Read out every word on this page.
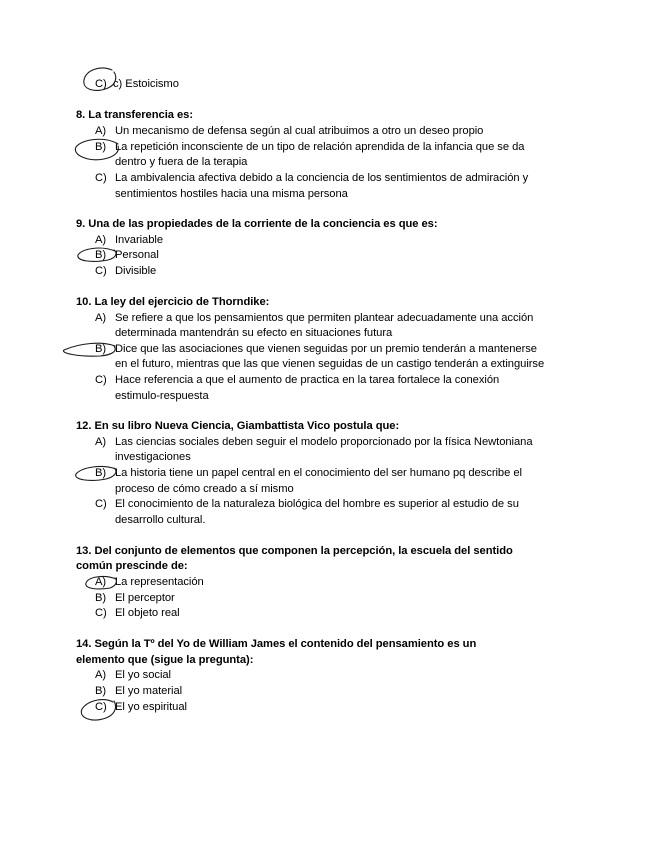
C) c) Estoicismo
8. La transferencia es:
A) Un mecanismo de defensa según al cual atribuimos a otro un deseo propio
B) La repetición inconsciente de un tipo de relación aprendida de la infancia que se da
dentro y fuera de la terapia
C) La ambivalencia afectiva debido a la conciencia de los sentimientos de admiración y
sentimientos hostiles hacia una misma persona
9. Una de las propiedades de la corriente de la conciencia es que es:
A) Invariable
B) Personal
C) Divisible
10. La ley del ejercicio de Thorndike:
A) Se refiere a que los pensamientos que permiten plantear adecuadamente una acción
determinada mantendrán su efecto en situaciones futura
B) Dice que las asociaciones que vienen seguidas por un premio tenderán a mantenerse
en el futuro, mientras que las que vienen seguidas de un castigo tenderán a extinguirse
C) Hace referencia a que el aumento de practica en la tarea fortalece la conexión
estimulo-respuesta
12. En su libro Nueva Ciencia, Giambattista Vico postula que:
A) Las ciencias sociales deben seguir el modelo proporcionado por la física Newtoniana
investigaciones
B) La historia tiene un papel central en el conocimiento del ser humano pq describe el
proceso de cómo creado a sí mismo
C) El conocimiento de la naturaleza biológica del hombre es superior al estudio de su
desarrollo cultural.
13. Del conjunto de elementos que componen la percepción, la escuela del sentido
común prescinde de:
A) La representación
B) El perceptor
C) El objeto real
14. Según la Tº del Yo de William James el contenido del pensamiento es un
elemento que (sigue la pregunta):
A) El yo social
B) El yo material
C) El yo espiritual
